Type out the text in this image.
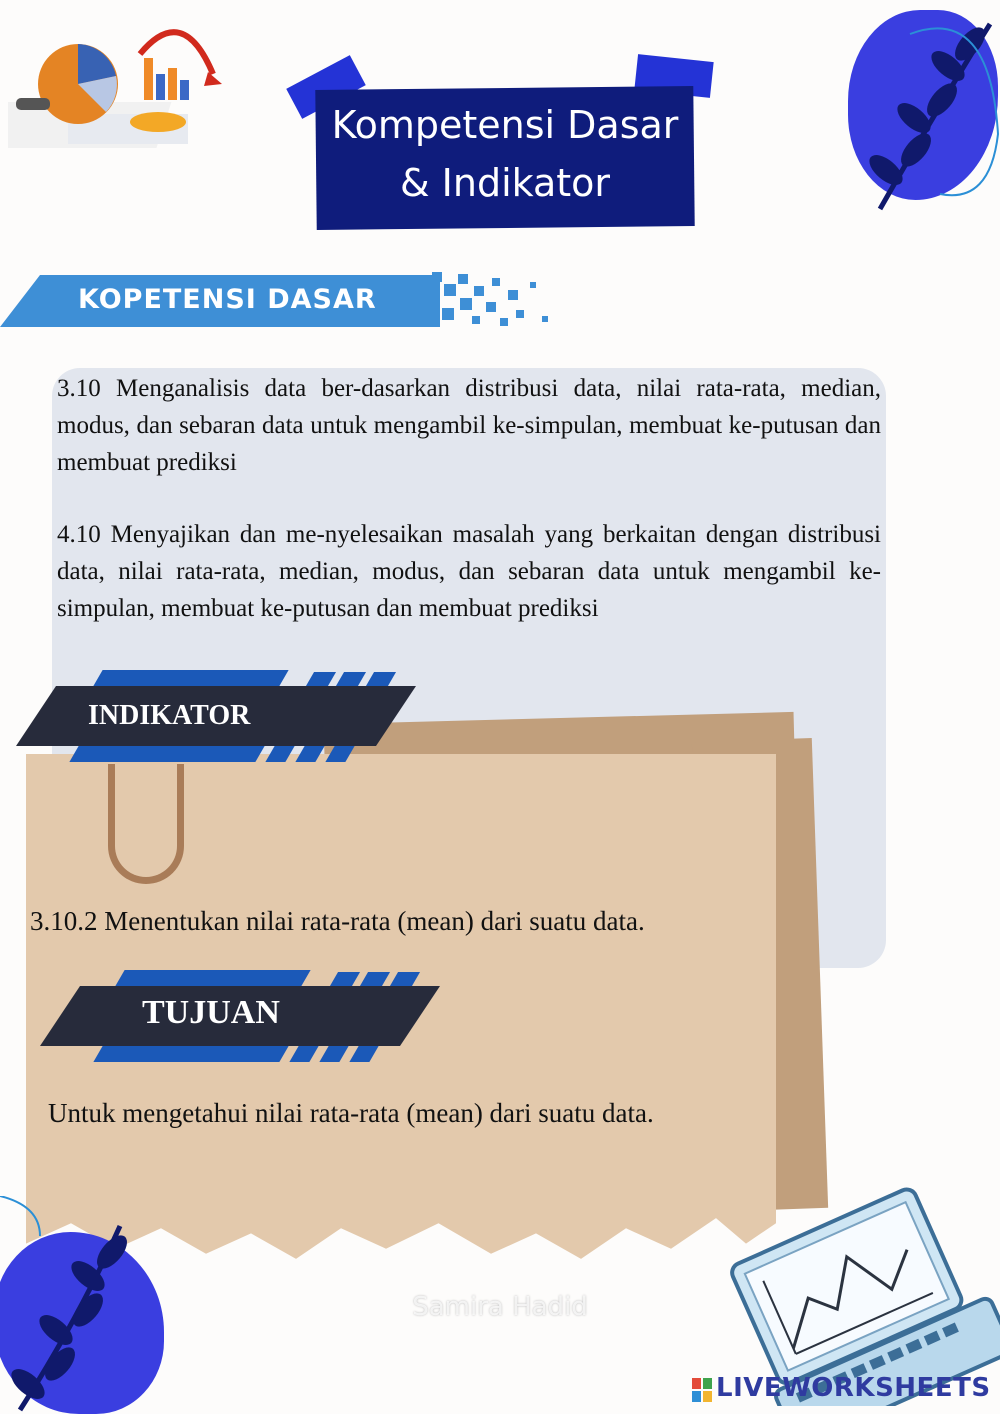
Kompetensi Dasar
& Indikator
KOPETENSI DASAR

3.10 Menganalisis data ber-dasarkan distribusi data, nilai rata-rata, median, modus, dan sebaran data untuk mengambil ke-simpulan, membuat ke-putusan dan membuat prediksi

4.10 Menyajikan dan me-nyelesaikan masalah yang berkaitan dengan distribusi data, nilai rata-rata, median, modus, dan sebaran data untuk mengambil ke-simpulan, membuat ke-putusan dan membuat prediksi

INDIKATOR
3.10.2 Menentukan nilai rata-rata (mean) dari suatu data.
TUJUAN
Untuk mengetahui nilai rata-rata (mean) dari suatu data.
Samira Hadid
LIVEWORKSHEETS
